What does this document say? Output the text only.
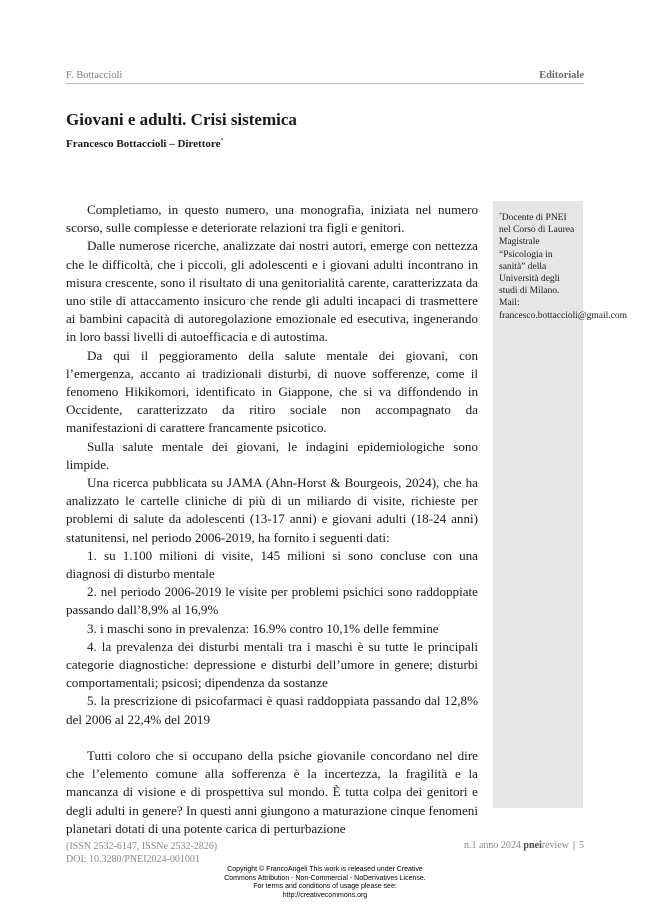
F. Bottaccioli	Editoriale
Giovani e adulti. Crisi sistemica
Francesco Bottaccioli – Direttore*

Completiamo, in questo numero, una monografia, iniziata nel numero scorso, sulle complesse e deteriorate relazioni tra figli e genitori.

Dalle numerose ricerche, analizzate dai nostri autori, emerge con nettezza che le difficoltà, che i piccoli, gli adolescenti e i giovani adulti incontrano in misura crescente, sono il risultato di una genitorialità carente, caratterizzata da uno stile di attaccamento insicuro che rende gli adulti incapaci di trasmettere ai bambini capacità di autoregolazione emozionale ed esecutiva, ingenerando in loro bassi livelli di autoefficacia e di autostima.

Da qui il peggioramento della salute mentale dei giovani, con l’emergenza, accanto ai tradizionali disturbi, di nuove sofferenze, come il fenomeno Hikikomori, identificato in Giappone, che si va diffondendo in Occidente, caratterizzato da ritiro sociale non accompagnato da manifestazioni di carattere francamente psicotico.

Sulla salute mentale dei giovani, le indagini epidemiologiche sono limpide.

Una ricerca pubblicata su JAMA (Ahn-Horst & Bourgeois, 2024), che ha analizzato le cartelle cliniche di più di un miliardo di visite, richieste per problemi di salute da adolescenti (13-17 anni) e giovani adulti (18-24 anni) statunitensi, nel periodo 2006-2019, ha fornito i seguenti dati:

1. su 1.100 milioni di visite, 145 milioni si sono concluse con una diagnosi di disturbo mentale

2. nel periodo 2006-2019 le visite per problemi psichici sono raddoppiate passando dall’8,9% al 16,9%

3. i maschi sono in prevalenza: 16.9% contro 10,1% delle femmine

4. la prevalenza dei disturbi mentali tra i maschi è su tutte le principali categorie diagnostiche: depressione e disturbi dell’umore in genere; disturbi comportamentali; psicosi; dipendenza da sostanze

5. la prescrizione di psicofarmaci è quasi raddoppiata passando dal 12,8% del 2006 al 22,4% del 2019

Tutti coloro che si occupano della psiche giovanile concordano nel dire che l’elemento comune alla sofferenza è la incertezza, la fragilità e la mancanza di visione e di prospettiva sul mondo. È tutta colpa dei genitori e degli adulti in genere? In questi anni giungono a maturazione cinque fenomeni planetari dotati di una potente carica di perturbazione

*Docente di PNEI nel Corso di Laurea Magistrale “Psicologia in sanità” della Università degli studi di Milano. Mail: francesco.bottaccioli@gmail.com
(ISSN 2532-6147, ISSNe 2532-2826)
DOI: 10.3280/PNEI2024-001001
n.1 anno 2024 pneireview | 5
Copyright © FrancoAngeli This work is released under Creative
Commons Attribution - Non-Commercial - NoDerivatives License.
For terms and conditions of usage please see:
http://creativecommons.org
